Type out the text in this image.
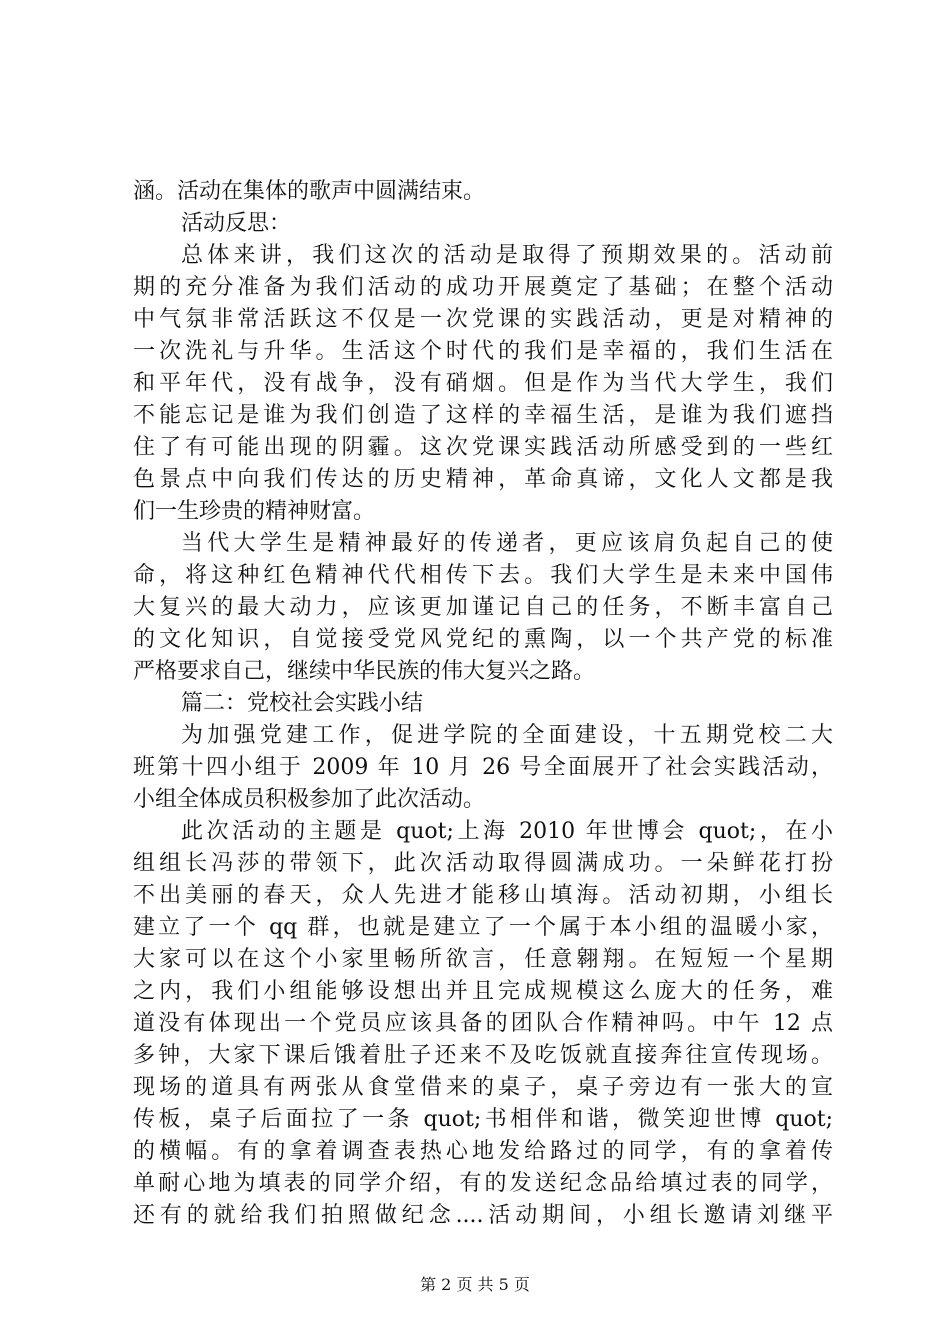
涵。活动在集体的歌声中圆满结束。
活动反思：
总体来讲，我们这次的活动是取得了预期效果的。活动前
期的充分准备为我们活动的成功开展奠定了基础；在整个活动
中气氛非常活跃这不仅是一次党课的实践活动，更是对精神的
一次洗礼与升华。生活这个时代的我们是幸福的，我们生活在
和平年代，没有战争，没有硝烟。但是作为当代大学生，我们
不能忘记是谁为我们创造了这样的幸福生活，是谁为我们遮挡
住了有可能出现的阴霾。这次党课实践活动所感受到的一些红
色景点中向我们传达的历史精神，革命真谛，文化人文都是我
们一生珍贵的精神财富。
当代大学生是精神最好的传递者，更应该肩负起自己的使
命，将这种红色精神代代相传下去。我们大学生是未来中国伟
大复兴的最大动力，应该更加谨记自己的任务，不断丰富自己
的文化知识，自觉接受党风党纪的熏陶，以一个共产党的标准
严格要求自己，继续中华民族的伟大复兴之路。
篇二：党校社会实践小结
为加强党建工作，促进学院的全面建设，十五期党校二大
班第十四小组于 2009 年 10 月 26 号全面展开了社会实践活动，
小组全体成员积极参加了此次活动。
此次活动的主题是 quot;上海 2010 年世博会 quot;，在小
组组长冯莎的带领下，此次活动取得圆满成功。一朵鲜花打扮
不出美丽的春天，众人先进才能移山填海。活动初期，小组长
建立了一个 qq 群，也就是建立了一个属于本小组的温暖小家，
大家可以在这个小家里畅所欲言，任意翱翔。在短短一个星期
之内，我们小组能够设想出并且完成规模这么庞大的任务，难
道没有体现出一个党员应该具备的团队合作精神吗。中午 12 点
多钟，大家下课后饿着肚子还来不及吃饭就直接奔往宣传现场。
现场的道具有两张从食堂借来的桌子，桌子旁边有一张大的宣
传板，桌子后面拉了一条 quot;书相伴和谐，微笑迎世博 quot;
的横幅。有的拿着调查表热心地发给路过的同学，有的拿着传
单耐心地为填表的同学介绍，有的发送纪念品给填过表的同学，
还有的就给我们拍照做纪念....活动期间，小组长邀请刘继平
第 2 页 共 5 页
